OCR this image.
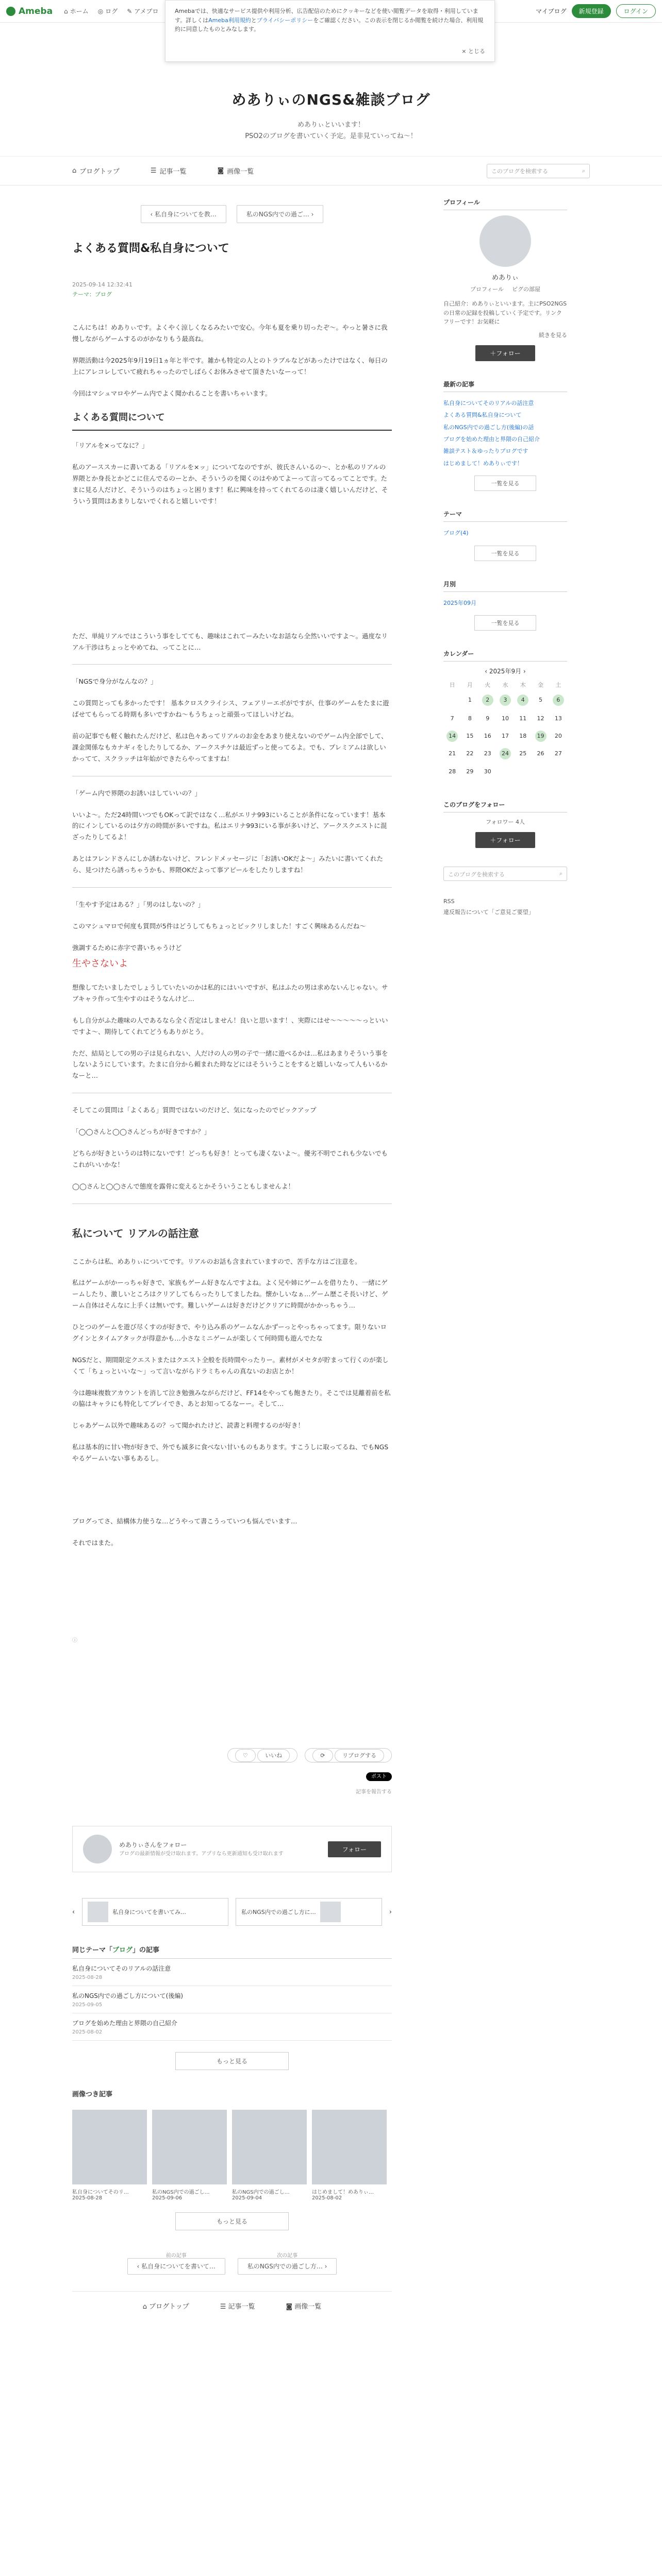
Ameba ⌂ ホーム ◎ ログ ✎ アメブロ	マイブログ	新規登録	ログイン
Amebaでは、快適なサービス提供や利用分析、広告配信のためにクッキーなどを使い閲覧データを取得・利用しています。詳しくはAmeba利用規約とプライバシーポリシーをご確認ください。この表示を閉じるか閲覧を続けた場合、利用規約に同意したものとみなします。
× とじる
めありぃのNGS&雑談ブログ
めありぃといいます！
PSO2のブログを書いていく予定。是非見ていってね～！
⌂ ブログトップ	☰ 記事一覧	◙ 画像一覧	このブログを検索する	⌕
‹ 私自身についてを教…	私のNGS内での過ご… ›
よくある質問&私自身について
2025-09-14 12:32:41
テーマ：ブログ

こんにちは！めありぃです。よくやく涼しくなるみたいで安心。今年も夏を乗り切ったぞ～。やっと暑さに我慢しながらゲームするのがかなりもう最高ね。

界隈活動は今2025年9月19日1ヵ年と半です。雑かも特定の人とのトラブルなどがあったけではなく、毎日の上にアレコレしていて疲れちゃったのでしばらくお休みさせて頂きたいなーって！

今回はマシュマロやゲーム内でよく聞かれることを書いちゃいます。

よくある質問について

「リアルを×ってなに？」

私のアーススカーに書いてある「リアルを×ッ」についてなのですが、彼氏さんいるの～、とか私のリアルの界隈とか身長とかどこに住んでるのーとか、そういうのを聞くのはやめてよーって言ってるってことです。たまに見る人だけど、そういうのはちょっと困ります！私に興味を持ってくれてるのは凄く嬉しいんだけど、そういう質問はあまりしないでくれると嬉しいです！

ただ、単純リアルではこういう事をしてても、趣味はこれてーみたいなお話なら全然いいですよ〜。過度なリアル干渉はちょっとやめてね、ってことに…

「NGSで身分がなんなの？」

この質問とっても多かったです！ 基本クロスクライシス、フェアリーエボがですが、仕事のゲームをたまに遊ばせてもらってる時期も多いですかね〜もうちょっと頑張ってほしいけどね。

前の記事でも軽く触れたんだけど、私は色々あってリアルのお金をあまり使えないのでゲーム内全部でして、課金関係なもカナギィをしたりしてるか、アークスチケは最近ずっと使ってるよ。でも、プレミアムは欲しいかってて、スクラッチは年始ができたらやってますね！

「ゲーム内で界隈のお誘いはしていいの？」

いいよ〜。ただ24時間いつでもOKって訳ではなく…私がエリナ993にいることが条件になっています！基本的にインしているのは夕方の時間が多いですね。私はエリナ993にいる事が多いけど、アークスクエストに混ざったりしてるよ！

あとはフレンドさんにしか誘わないけど、フレンドメッセージに「お誘いOKだよ〜」みたいに書いてくれたら、見つけたら誘っちゃうかも、界隈OKだよって事アピールをしたりしますね！

「生やす予定はある？」「男のはしないの？」

このマシュマロで何度も質問が5件はどうしてもちょっとビックリしました！すごく興味あるんだね〜

強調するために赤字で書いちゃうけど

生やさないよ

想像してたいましたでしょうしていたいのかは私的にはいいですが、私はふたの男は求めないんじゃない。サブキャラ作って生やすのはそうなんけど…

もし自分がふた趣味の人であるなら全く否定はしません！良いと思います！、実際にはせ～～～～～っといいですよ～、期待してくれてどうもありがとう。

ただ、結局としての男の子は見られない、人だけの人の男の子で一緒に遊べるかは…私はあまりそういう事をしないようにしています。たまに自分から頼まれた時などにはそういうことをすると嬉しいなって人もいるかなーと…

そしてこの質問は「よくある」質問ではないのだけど、気になったのでピックアップ

「◯◯さんと◯◯さんどっちが好きですか？」

どちらが好きというのは特にないです！どっちも好き！とっても凄くないよ〜。優劣不明でこれも少ないでもこれがいいかな！

◯◯さんと◯◯さんで態度を露骨に変えるとかそういうこともしませんよ！

私について リアルの話注意

ここからは私、めありぃについてです。リアルのお話も含まれていますので、苦手な方はご注意を。

私はゲームがかーっちゃ好きで、家族もゲーム好きなんですよね。よく兄や姉にゲームを借りたり、一緒にゲームしたり、激しいところはクリアしてもらったりしてましたね。懐かしいなぁ…ゲーム歴こそ長いけど、ゲーム自体はそんなに上手くは無いです。難しいゲームは好きだけどクリアに時間がかかっちゃう…

ひとつのゲームを遊び尽くすのが好きで、やり込み系のゲームなんかずーっとやっちゃってます。限りないログインとタイムアタックが得意かも…小さなミニゲームが楽しくて何時間も遊んでたな

NGSだと、期間限定クエストまたはクエスト全般を長時間やったりー。素材がメセタが貯まって行くのが楽しくて「ちょっといいな～」って言いながらドラミちゃんの真ないのお店とか！

今は趣味複数アカウントを消して泣き勉強みながらだけど、FF14をやっても飽きたり。そこでは見離着前を私の脇はキャラにも特化してプレイでき、あとお知ってるなーー。そして…

じゃあゲーム以外で趣味あるの？って聞かれたけど、読書と料理するのが好き！

私は基本的に甘い物が好きで、外でも滅多に食べない甘いものもあります。すこうしに取ってるね、でもNGSやるゲームいない事もあるし。

ブログってさ、結構体力使うな…どうやって書こうっていつも悩んでいます…

それではまた。

ⓘ

♡	いいね	⟳	リブログする
ポスト
記事を報告する
めありぃさんをフォロー
ブログの最新情報が受け取れます。アプリなら更新通知も受け取れます
フォロー
‹	私自身についてを書いてみ…	私のNGS内での過ごし方に…	›
同じテーマ「ブログ」の記事
私自身についてそのリアルの話注意
2025-08-28
私のNGS内での過ごし方について(後編)
2025-09-05
ブログを始めた理由と界隈の自己紹介
2025-08-02
もっと見る
画像つき記事
私自身についてそのリ…
2025-08-28
私のNGS内での過ごし…
2025-09-06
私のNGS内での過ごし…
2025-09-04
はじめまして！めありぃ…
2025-08-02
もっと見る
前の記事
‹ 私自身についてを書いて…
次の記事
私のNGS内での過ごし方… ›
⌂ ブログトップ	☰ 記事一覧	◙ 画像一覧
プロフィール
めありぃ
プロフィール ピグの部屋
自己紹介：めありぃといいます。主にPSO2NGSの日常の記録を投稿していく予定です。リンクフリーです！お気軽に
続きを見る
＋フォロー
最新の記事
私自身についてそのリアルの話注意
よくある質問&私自身について
私のNGS内での過ごし方(後編)の話
ブログを始めた理由と界隈の自己紹介
雑談テスト＆ゆったりブログです
はじめまして！めありぃです！
一覧を見る
テーマ
ブログ(4)
一覧を見る
月別
2025年09月
一覧を見る
カレンダー
‹ 2025年9月 ›
日	月	火	水	木	金	土
	1	2	3	4	5	6
7	8	9	10	11	12	13
14	15	16	17	18	19	20
21	22	23	24	25	26	27
28	29	30				
このブログをフォロー
フォロワー 4人
＋フォロー
このブログを検索する	⌕
RSS
違反報告について「ご意見ご要望」
